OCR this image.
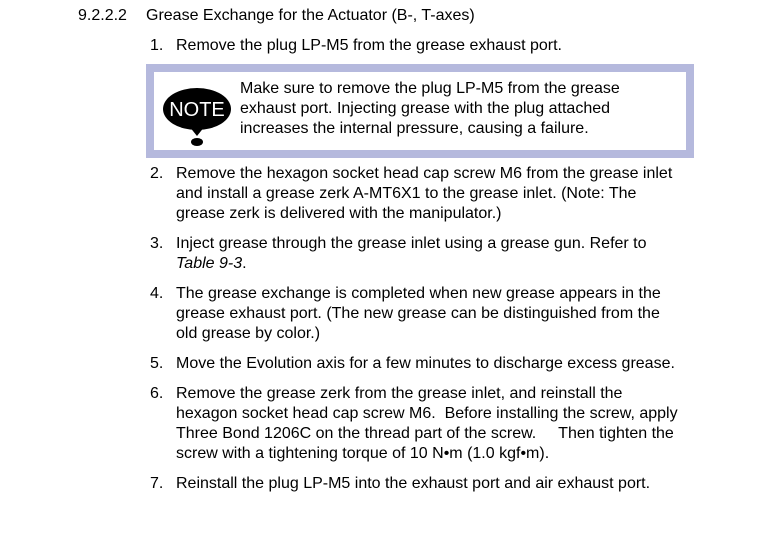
9.2.2.2 Grease Exchange for the Actuator (B-, T-axes)
1. Remove the plug LP-M5 from the grease exhaust port.
NOTE
Make sure to remove the plug LP-M5 from the grease
exhaust port. Injecting grease with the plug attached
increases the internal pressure, causing a failure.
2. Remove the hexagon socket head cap screw M6 from the grease inlet
and install a grease zerk A-MT6X1 to the grease inlet. (Note: The
grease zerk is delivered with the manipulator.)
3. Inject grease through the grease inlet using a grease gun. Refer to
Table 9-3.
4. The grease exchange is completed when new grease appears in the
grease exhaust port. (The new grease can be distinguished from the
old grease by color.)
5. Move the Evolution axis for a few minutes to discharge excess grease.
6. Remove the grease zerk from the grease inlet, and reinstall the
hexagon socket head cap screw M6.  Before installing the screw, apply
Three Bond 1206C on the thread part of the screw.     Then tighten the
screw with a tightening torque of 10 N•m (1.0 kgf•m).
7. Reinstall the plug LP-M5 into the exhaust port and air exhaust port.
